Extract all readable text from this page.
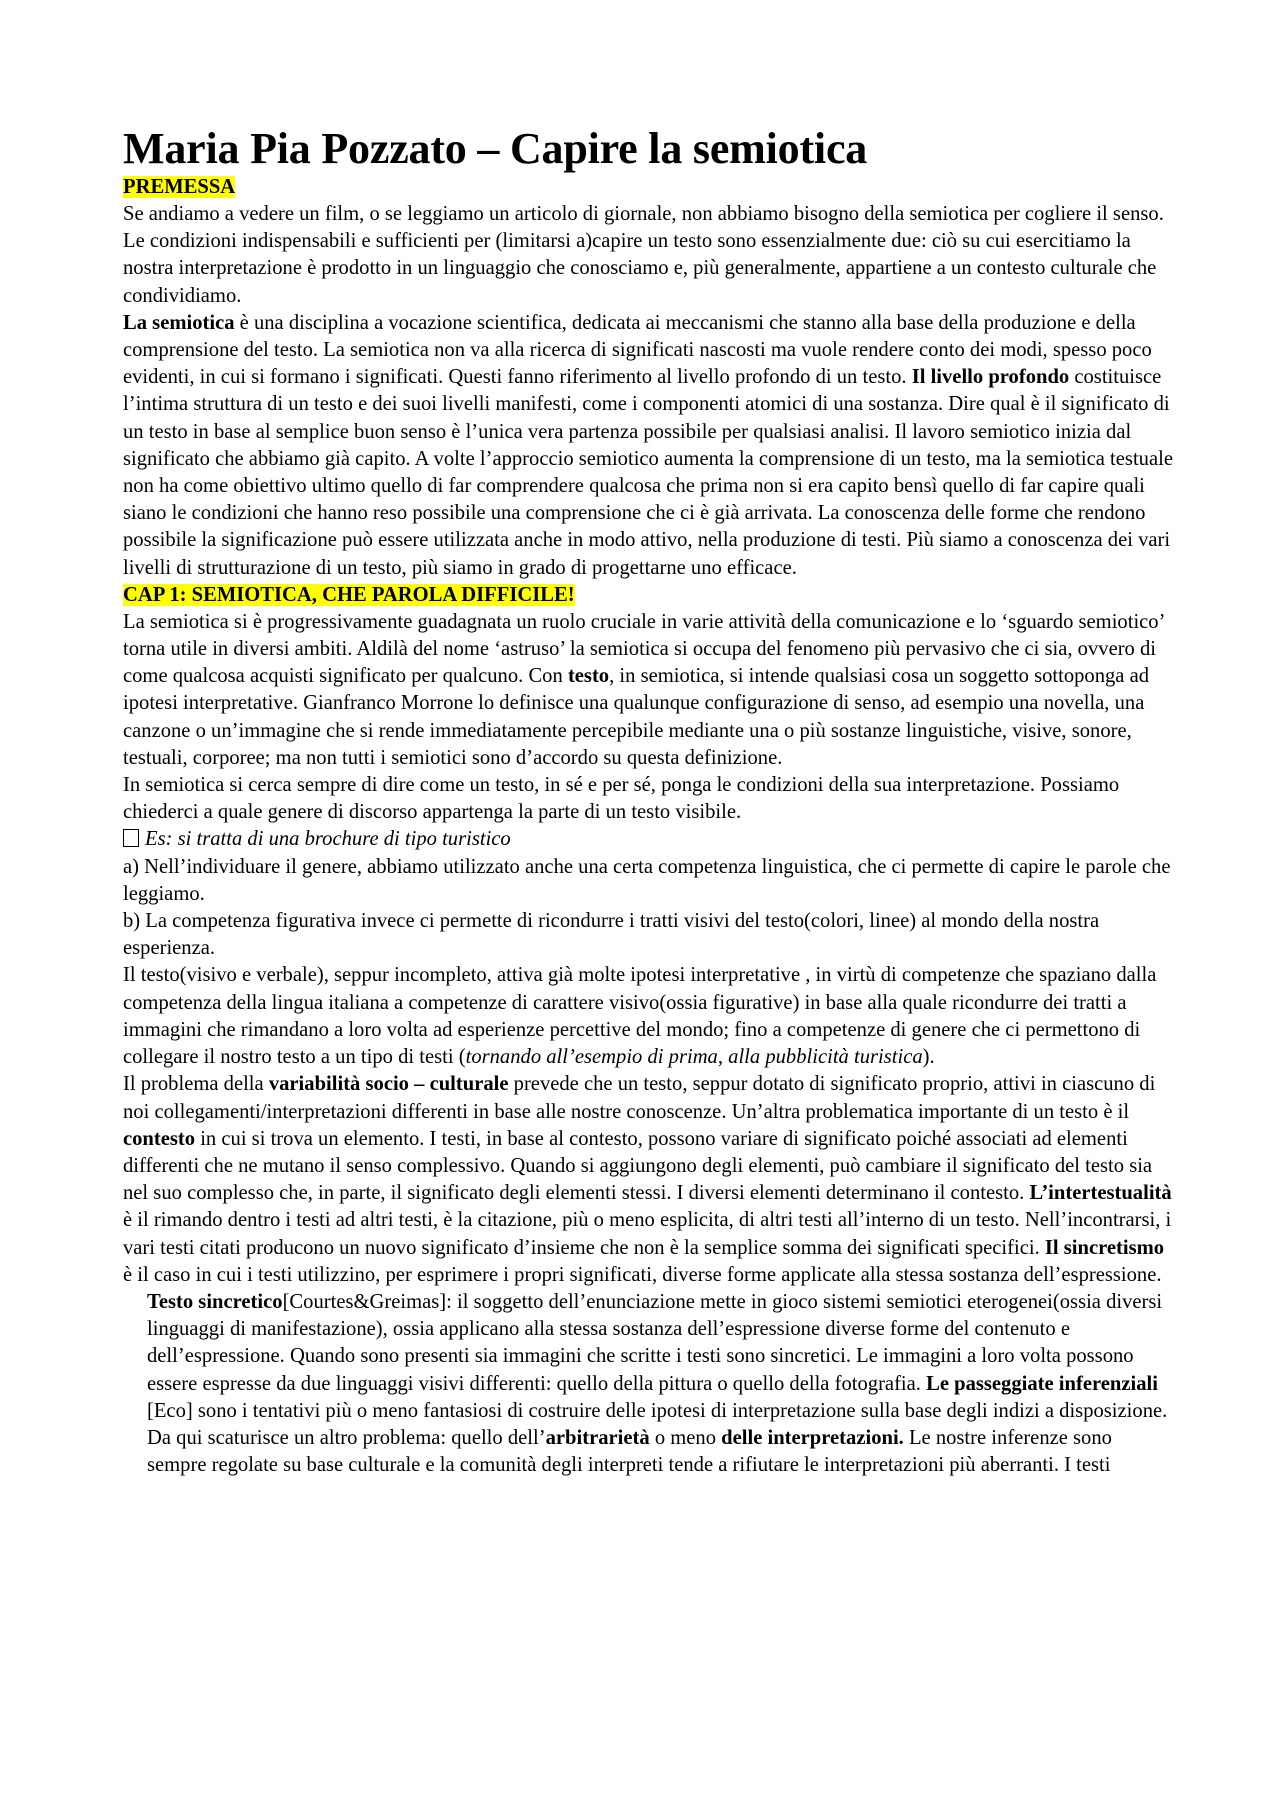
Maria Pia Pozzato – Capire la semiotica
PREMESSA

Se andiamo a vedere un film, o se leggiamo un articolo di giornale, non abbiamo bisogno della semiotica per cogliere il senso. Le condizioni indispensabili e sufficienti per (limitarsi a)capire un testo sono essenzialmente due: ciò su cui esercitiamo la nostra interpretazione è prodotto in un linguaggio che conosciamo e, più generalmente, appartiene a un contesto culturale che condividiamo.

La semiotica è una disciplina a vocazione scientifica, dedicata ai meccanismi che stanno alla base della produzione e della comprensione del testo. La semiotica non va alla ricerca di significati nascosti ma vuole rendere conto dei modi, spesso poco evidenti, in cui si formano i significati. Questi fanno riferimento al livello profondo di un testo. Il livello profondo costituisce l’intima struttura di un testo e dei suoi livelli manifesti, come i componenti atomici di una sostanza. Dire qual è il significato di un testo in base al semplice buon senso è l’unica vera partenza possibile per qualsiasi analisi. Il lavoro semiotico inizia dal significato che abbiamo già capito. A volte l’approccio semiotico aumenta la comprensione di un testo, ma la semiotica testuale non ha come obiettivo ultimo quello di far comprendere qualcosa che prima non si era capito bensì quello di far capire quali siano le condizioni che hanno reso possibile una comprensione che ci è già arrivata. La conoscenza delle forme che rendono possibile la significazione può essere utilizzata anche in modo attivo, nella produzione di testi. Più siamo a conoscenza dei vari livelli di strutturazione di un testo, più siamo in grado di progettarne uno efficace.

CAP 1: SEMIOTICA, CHE PAROLA DIFFICILE!

La semiotica si è progressivamente guadagnata un ruolo cruciale in varie attività della comunicazione e lo ‘sguardo semiotico’ torna utile in diversi ambiti. Aldilà del nome ‘astruso’ la semiotica si occupa del fenomeno più pervasivo che ci sia, ovvero di come qualcosa acquisti significato per qualcuno. Con testo, in semiotica, si intende qualsiasi cosa un soggetto sottoponga ad ipotesi interpretative. Gianfranco Morrone lo definisce una qualunque configurazione di senso, ad esempio una novella, una canzone o un’immagine che si rende immediatamente percepibile mediante una o più sostanze linguistiche, visive, sonore, testuali, corporee; ma non tutti i semiotici sono d’accordo su questa definizione.

In semiotica si cerca sempre di dire come un testo, in sé e per sé, ponga le condizioni della sua interpretazione. Possiamo chiederci a quale genere di discorso appartenga la parte di un testo visibile.

Es: si tratta di una brochure di tipo turistico

a) Nell’individuare il genere, abbiamo utilizzato anche una certa competenza linguistica, che ci permette di capire le parole che leggiamo.

b) La competenza figurativa invece ci permette di ricondurre i tratti visivi del testo(colori, linee) al mondo della nostra esperienza.

Il testo(visivo e verbale), seppur incompleto, attiva già molte ipotesi interpretative , in virtù di competenze che spaziano dalla competenza della lingua italiana a competenze di carattere visivo(ossia figurative) in base alla quale ricondurre dei tratti a immagini che rimandano a loro volta ad esperienze percettive del mondo; fino a competenze di genere che ci permettono di collegare il nostro testo a un tipo di testi (tornando all’esempio di prima, alla pubblicità turistica).

Il problema della variabilità socio – culturale prevede che un testo, seppur dotato di significato proprio, attivi in ciascuno di noi collegamenti/interpretazioni differenti in base alle nostre conoscenze. Un’altra problematica importante di un testo è il contesto in cui si trova un elemento. I testi, in base al contesto, possono variare di significato poiché associati ad elementi differenti che ne mutano il senso complessivo. Quando si aggiungono degli elementi, può cambiare il significato del testo sia nel suo complesso che, in parte, il significato degli elementi stessi. I diversi elementi determinano il contesto. L’intertestualità è il rimando dentro i testi ad altri testi, è la citazione, più o meno esplicita, di altri testi all’interno di un testo. Nell’incontrarsi, i vari testi citati producono un nuovo significato d’insieme che non è la semplice somma dei significati specifici. Il sincretismo è il caso in cui i testi utilizzino, per esprimere i propri significati, diverse forme applicate alla stessa sostanza dell’espressione.

Testo sincretico[Courtes&Greimas]: il soggetto dell’enunciazione mette in gioco sistemi semiotici eterogenei(ossia diversi linguaggi di manifestazione), ossia applicano alla stessa sostanza dell’espressione diverse forme del contenuto e dell’espressione. Quando sono presenti sia immagini che scritte i testi sono sincretici. Le immagini a loro volta possono essere espresse da due linguaggi visivi differenti: quello della pittura o quello della fotografia. Le passeggiate inferenziali [Eco] sono i tentativi più o meno fantasiosi di costruire delle ipotesi di interpretazione sulla base degli indizi a disposizione. Da qui scaturisce un altro problema: quello dell’arbitrarietà o meno delle interpretazioni. Le nostre inferenze sono sempre regolate su base culturale e la comunità degli interpreti tende a rifiutare le interpretazioni più aberranti. I testi
